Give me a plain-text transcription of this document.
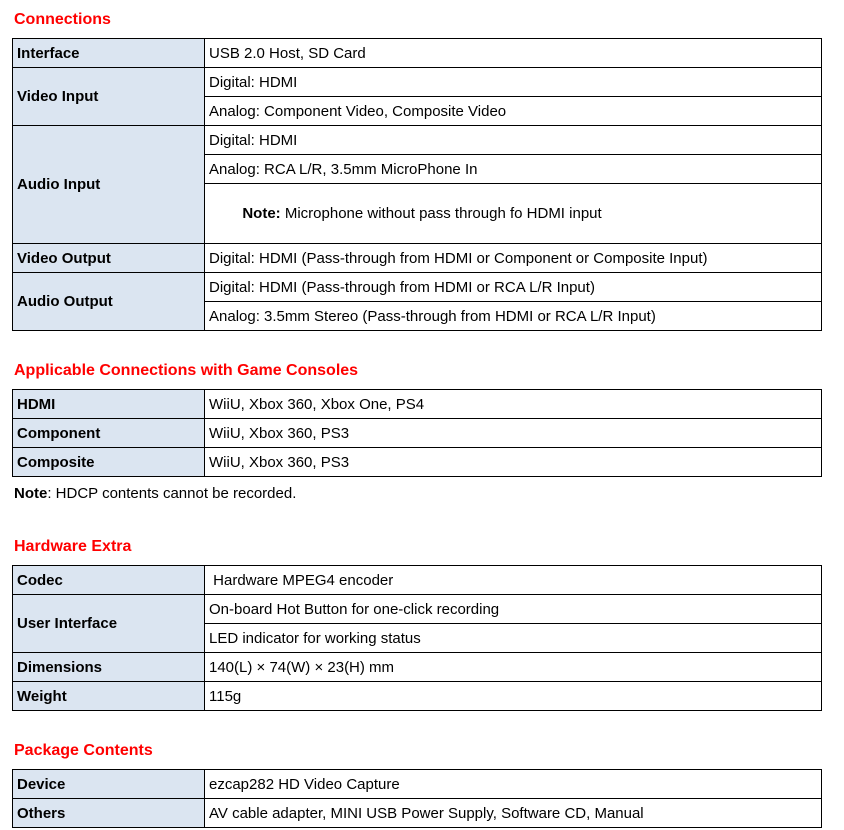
Connections
Interface	USB 2.0 Host, SD Card
Video Input	Digital: HDMI
	Analog: Component Video, Composite Video
Audio Input	Digital: HDMI
	Analog: RCA L/R, 3.5mm MicroPhone In

Note: Microphone without pass through fo HDMI input

Video Output	Digital: HDMI (Pass-through from HDMI or Component or Composite Input)
Audio Output	Digital: HDMI (Pass-through from HDMI or RCA L/R Input)
	Analog: 3.5mm Stereo (Pass-through from HDMI or RCA L/R Input)
Applicable Connections with Game Consoles
HDMI	WiiU, Xbox 360, Xbox One, PS4
Component	WiiU, Xbox 360, PS3
Composite	WiiU, Xbox 360, PS3

Note: HDCP contents cannot be recorded.

Hardware Extra
Codec	Hardware MPEG4 encoder
User Interface	On-board Hot Button for one-click recording
	LED indicator for working status
Dimensions	140(L) × 74(W) × 23(H) mm
Weight	115g
Package Contents
Device	ezcap282 HD Video Capture
Others	AV cable adapter, MINI USB Power Supply, Software CD, Manual
